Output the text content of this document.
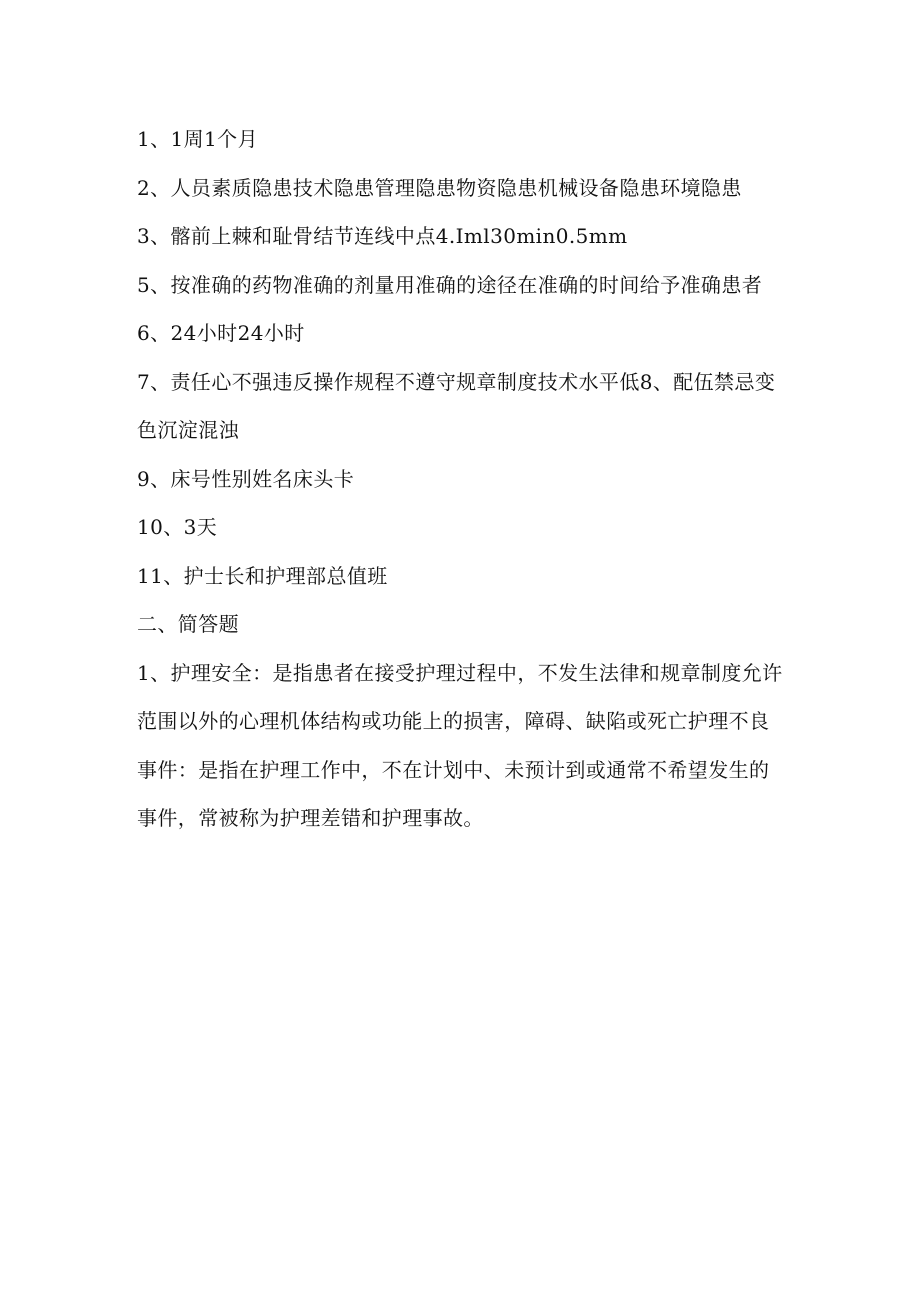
1、1周1个月

2、人员素质隐患技术隐患管理隐患物资隐患机械设备隐患环境隐患

3、髂前上棘和耻骨结节连线中点4.Iml30min0.5mm

5、按准确的药物准确的剂量用准确的途径在准确的时间给予准确患者

6、24小时24小时

7、责任心不强违反操作规程不遵守规章制度技术水平低8、配伍禁忌变色沉淀混浊

9、床号性别姓名床头卡

10、3天

11、护士长和护理部总值班

二、简答题

1、护理安全：是指患者在接受护理过程中，不发生法律和规章制度允许范围以外的心理机体结构或功能上的损害，障碍、缺陷或死亡护理不良事件：是指在护理工作中，不在计划中、未预计到或通常不希望发生的事件，常被称为护理差错和护理事故。
